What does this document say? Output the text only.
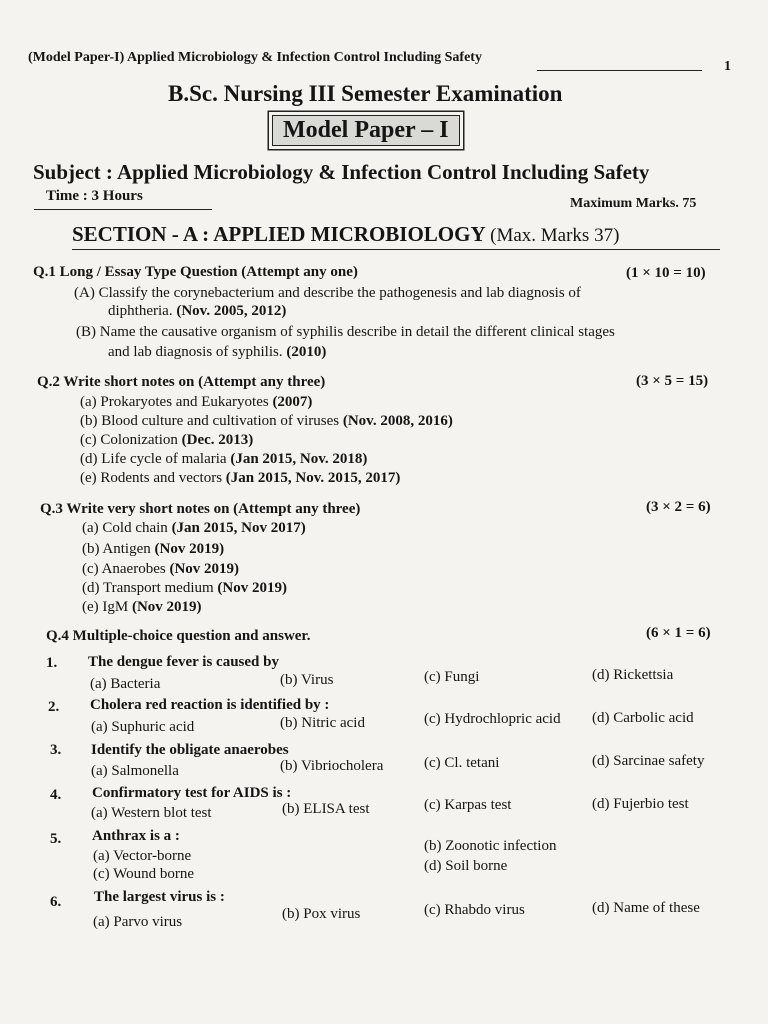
(Model Paper-I) Applied Microbiology & Infection Control Including Safety
1
B.Sc. Nursing III Semester Examination
Model Paper – I
Subject : Applied Microbiology & Infection Control Including Safety
Time : 3 Hours	Maximum Marks. 75
SECTION - A : APPLIED MICROBIOLOGY (Max. Marks 37)
Q.1 Long / Essay Type Question (Attempt any one)	(1 × 10 = 10)
(A) Classify the corynebacterium and describe the pathogenesis and lab diagnosis of
diphtheria. (Nov. 2005, 2012)
(B) Name the causative organism of syphilis describe in detail the different clinical stages
and lab diagnosis of syphilis. (2010)
Q.2 Write short notes on (Attempt any three)	(3 × 5 = 15)
(a) Prokaryotes and Eukaryotes (2007)
(b) Blood culture and cultivation of viruses (Nov. 2008, 2016)
(c) Colonization (Dec. 2013)
(d) Life cycle of malaria (Jan 2015, Nov. 2018)
(e) Rodents and vectors (Jan 2015, Nov. 2015, 2017)
Q.3 Write very short notes on (Attempt any three)	(3 × 2 = 6)
(a) Cold chain (Jan 2015, Nov 2017)
(b) Antigen (Nov 2019)
(c) Anaerobes (Nov 2019)
(d) Transport medium (Nov 2019)
(e) IgM (Nov 2019)
Q.4 Multiple-choice question and answer.	(6 × 1 = 6)
1. The dengue fever is caused by
(a) Bacteria	(b) Virus	(c) Fungi	(d) Rickettsia
2. Cholera red reaction is identified by :
(a) Suphuric acid	(b) Nitric acid	(c) Hydrochlopric acid (d) Carbolic acid
3. Identify the obligate anaerobes
(a) Salmonella	(b) Vibriocholera	(c) Cl. tetani	(d) Sarcinae safety
4. Confirmatory test for AIDS is :
(a) Western blot test	(b) ELISA test	(c) Karpas test	(d) Fujerbio test
5. Anthrax is a :
(a) Vector-borne
(b) Zoonotic infection
(c) Wound borne	(d) Soil borne
6. The largest virus is :
(a) Parvo virus	(b) Pox virus	(c) Rhabdo virus	(d) Name of these
